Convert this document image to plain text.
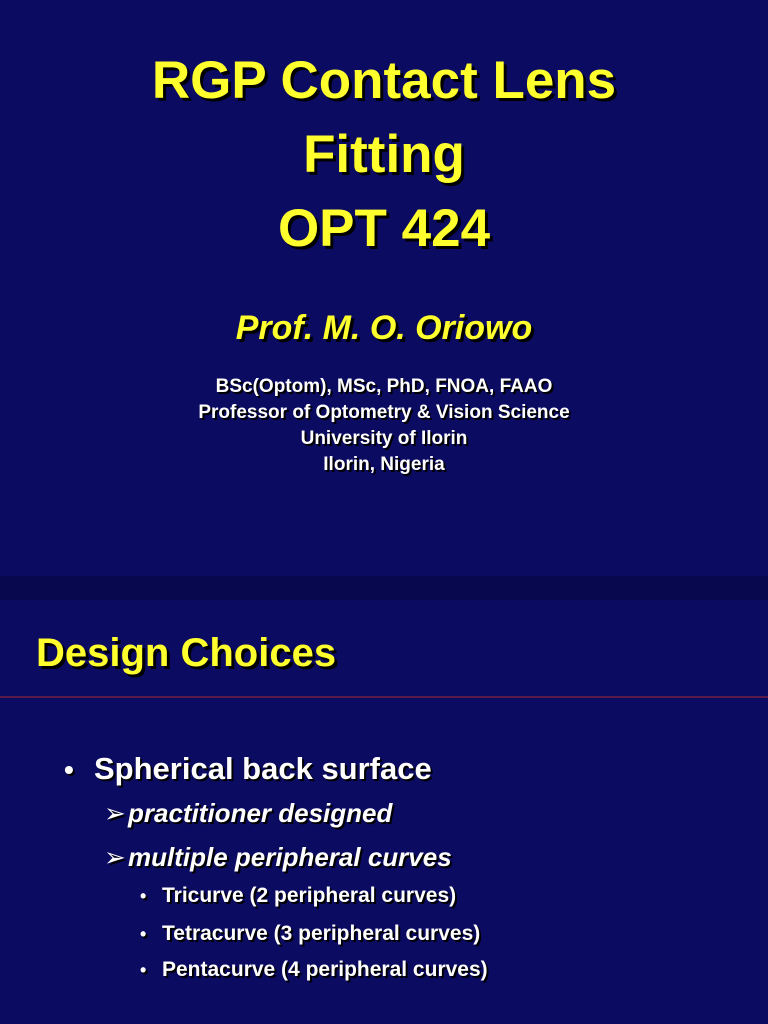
RGP Contact Lens
Fitting
OPT 424
Prof. M. O. Oriowo
BSc(Optom), MSc, PhD, FNOA, FAAO
Professor of Optometry & Vision Science
University of Ilorin
Ilorin, Nigeria
Design Choices
• Spherical back surface
➢practitioner designed
➢multiple peripheral curves
• Tricurve (2 peripheral curves)
• Tetracurve (3 peripheral curves)
• Pentacurve (4 peripheral curves)
